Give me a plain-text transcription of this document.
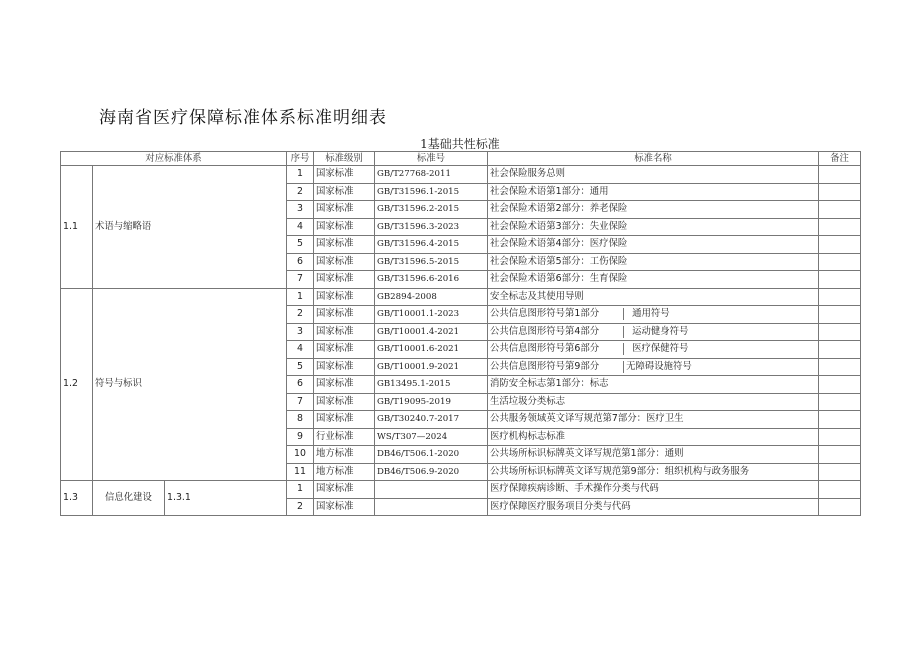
海南省医疗保障标准体系标准明细表
1基础共性标准
对应标准体系			序号	标准级别	标准号	标准名称	备注
1.1	术语与缩略语		1	国家标准	GB/T27768-2011	社会保险服务总则	
			2	国家标准	GB/T31596.1-2015	社会保险术语第1部分：通用	
			3	国家标准	GB/T31596.2-2015	社会保险术语第2部分：养老保险	
			4	国家标准	GB/T31596.3-2023	社会保险术语第3部分：失业保险	
			5	国家标准	GB/T31596.4-2015	社会保险术语第4部分：医疗保险	
			6	国家标准	GB/T31596.5-2015	社会保险术语第5部分：工伤保险	
			7	国家标准	GB/T31596.6-2016	社会保险术语第6部分：生育保险	
1.2	符号与标识		1	国家标准	GB2894-2008	安全标志及其使用导则	
			2	国家标准	GB/T10001.1-2023	公共信息图形符号第1部分 通用符号	
			3	国家标准	GB/T10001.4-2021	公共信息图形符号第4部分 运动健身符号	
			4	国家标准	GB/T10001.6-2021	公共信息图形符号第6部分 医疗保健符号	
			5	国家标准	GB/T10001.9-2021	公共信息图形符号第9部分 无障碍设施符号	
			6	国家标准	GB13495.1-2015	消防安全标志第1部分：标志	
			7	国家标准	GB/T19095-2019	生活垃圾分类标志	
			8	国家标准	GB/T30240.7-2017	公共服务领域英文译写规范第7部分：医疗卫生	
			9	行业标准	WS/T307—2024	医疗机构标志标准	
			10	地方标准	DB46/T506.1-2020	公共场所标识标牌英文译写规范第1部分：通则	
			11	地方标准	DB46/T506.9-2020	公共场所标识标牌英文译写规范第9部分：组织机构与政务服务	
1.3	信息化建设	1.3.1	1	国家标准		医疗保障疾病诊断、手术操作分类与代码	
			2	国家标准		医疗保障医疗服务项目分类与代码	
